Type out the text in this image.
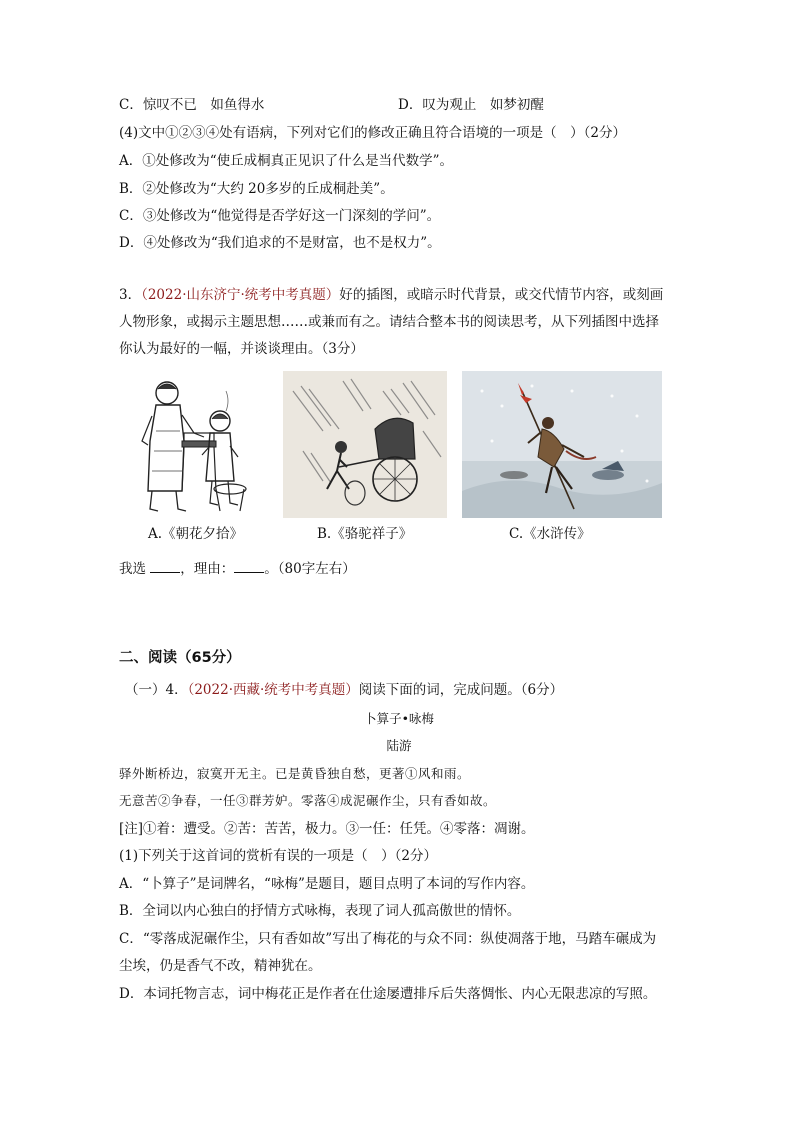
C．惊叹不已　如鱼得水	D．叹为观止　如梦初醒
(4)文中①②③④处有语病，下列对它们的修改正确且符合语境的一项是（　）（2分）
A．①处修改为“使丘成桐真正见识了什么是当代数学”。
B．②处修改为“大约 20多岁的丘成桐赴美”。
C．③处修改为“他觉得是否学好这一门深刻的学问”。
D．④处修改为“我们追求的不是财富，也不是权力”。
3．（2022·山东济宁·统考中考真题）好的插图，或暗示时代背景，或交代情节内容，或刻画
人物形象，或揭示主题思想……或兼而有之。请结合整本书的阅读思考，从下列插图中选择
你认为最好的一幅，并谈谈理由。（3分）
A.《朝花夕拾》	B.《骆驼祥子》	C.《水浒传》
我选	，理由： 。（80字左右）
二、阅读（65分）
（一）4．（2022·西藏·统考中考真题）阅读下面的词，完成问题。（6分）
卜算子•咏梅
陆游
驿外断桥边，寂寞开无主。已是黄昏独自愁，更著①风和雨。
无意苦②争春，一任③群芳妒。零落④成泥碾作尘，只有香如故。
[注]①着：遭受。②苦：苦苦，极力。③一任：任凭。④零落：凋谢。
(1)下列关于这首词的赏析有误的一项是（　）（2分）
A．“卜算子”是词牌名，“咏梅”是题目，题目点明了本词的写作内容。
B．全词以内心独白的抒情方式咏梅，表现了词人孤高傲世的情怀。
C．“零落成泥碾作尘，只有香如故”写出了梅花的与众不同：纵使凋落于地，马踏车碾成为
尘埃，仍是香气不改，精神犹在。
D．本词托物言志，词中梅花正是作者在仕途屡遭排斥后失落惆怅、内心无限悲凉的写照。
